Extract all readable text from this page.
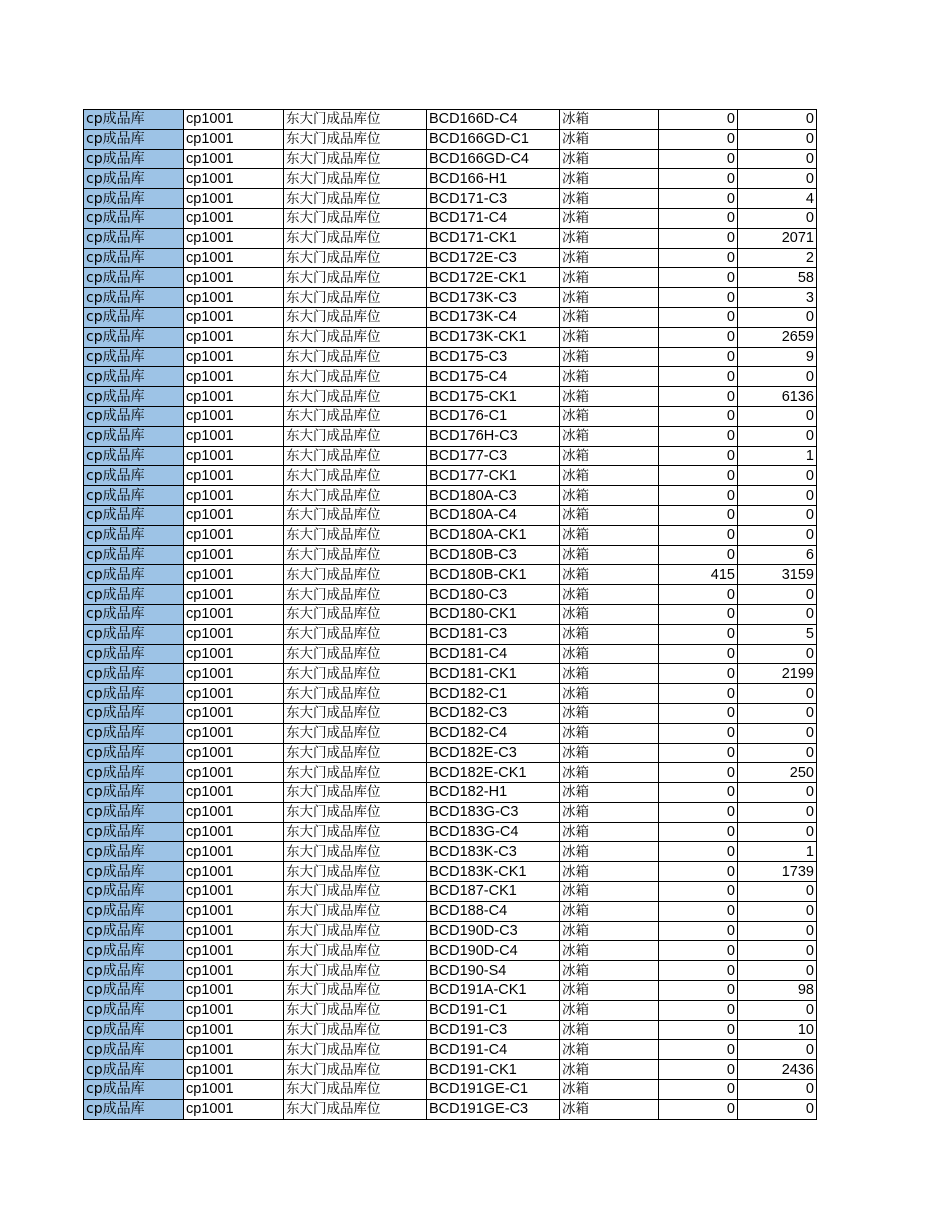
cp成品库	cp1001	东大门成品库位	BCD166D-C4	冰箱	0	0
cp成品库	cp1001	东大门成品库位	BCD166GD-C1	冰箱	0	0
cp成品库	cp1001	东大门成品库位	BCD166GD-C4	冰箱	0	0
cp成品库	cp1001	东大门成品库位	BCD166-H1	冰箱	0	0
cp成品库	cp1001	东大门成品库位	BCD171-C3	冰箱	0	4
cp成品库	cp1001	东大门成品库位	BCD171-C4	冰箱	0	0
cp成品库	cp1001	东大门成品库位	BCD171-CK1	冰箱	0	2071
cp成品库	cp1001	东大门成品库位	BCD172E-C3	冰箱	0	2
cp成品库	cp1001	东大门成品库位	BCD172E-CK1	冰箱	0	58
cp成品库	cp1001	东大门成品库位	BCD173K-C3	冰箱	0	3
cp成品库	cp1001	东大门成品库位	BCD173K-C4	冰箱	0	0
cp成品库	cp1001	东大门成品库位	BCD173K-CK1	冰箱	0	2659
cp成品库	cp1001	东大门成品库位	BCD175-C3	冰箱	0	9
cp成品库	cp1001	东大门成品库位	BCD175-C4	冰箱	0	0
cp成品库	cp1001	东大门成品库位	BCD175-CK1	冰箱	0	6136
cp成品库	cp1001	东大门成品库位	BCD176-C1	冰箱	0	0
cp成品库	cp1001	东大门成品库位	BCD176H-C3	冰箱	0	0
cp成品库	cp1001	东大门成品库位	BCD177-C3	冰箱	0	1
cp成品库	cp1001	东大门成品库位	BCD177-CK1	冰箱	0	0
cp成品库	cp1001	东大门成品库位	BCD180A-C3	冰箱	0	0
cp成品库	cp1001	东大门成品库位	BCD180A-C4	冰箱	0	0
cp成品库	cp1001	东大门成品库位	BCD180A-CK1	冰箱	0	0
cp成品库	cp1001	东大门成品库位	BCD180B-C3	冰箱	0	6
cp成品库	cp1001	东大门成品库位	BCD180B-CK1	冰箱	415	3159
cp成品库	cp1001	东大门成品库位	BCD180-C3	冰箱	0	0
cp成品库	cp1001	东大门成品库位	BCD180-CK1	冰箱	0	0
cp成品库	cp1001	东大门成品库位	BCD181-C3	冰箱	0	5
cp成品库	cp1001	东大门成品库位	BCD181-C4	冰箱	0	0
cp成品库	cp1001	东大门成品库位	BCD181-CK1	冰箱	0	2199
cp成品库	cp1001	东大门成品库位	BCD182-C1	冰箱	0	0
cp成品库	cp1001	东大门成品库位	BCD182-C3	冰箱	0	0
cp成品库	cp1001	东大门成品库位	BCD182-C4	冰箱	0	0
cp成品库	cp1001	东大门成品库位	BCD182E-C3	冰箱	0	0
cp成品库	cp1001	东大门成品库位	BCD182E-CK1	冰箱	0	250
cp成品库	cp1001	东大门成品库位	BCD182-H1	冰箱	0	0
cp成品库	cp1001	东大门成品库位	BCD183G-C3	冰箱	0	0
cp成品库	cp1001	东大门成品库位	BCD183G-C4	冰箱	0	0
cp成品库	cp1001	东大门成品库位	BCD183K-C3	冰箱	0	1
cp成品库	cp1001	东大门成品库位	BCD183K-CK1	冰箱	0	1739
cp成品库	cp1001	东大门成品库位	BCD187-CK1	冰箱	0	0
cp成品库	cp1001	东大门成品库位	BCD188-C4	冰箱	0	0
cp成品库	cp1001	东大门成品库位	BCD190D-C3	冰箱	0	0
cp成品库	cp1001	东大门成品库位	BCD190D-C4	冰箱	0	0
cp成品库	cp1001	东大门成品库位	BCD190-S4	冰箱	0	0
cp成品库	cp1001	东大门成品库位	BCD191A-CK1	冰箱	0	98
cp成品库	cp1001	东大门成品库位	BCD191-C1	冰箱	0	0
cp成品库	cp1001	东大门成品库位	BCD191-C3	冰箱	0	10
cp成品库	cp1001	东大门成品库位	BCD191-C4	冰箱	0	0
cp成品库	cp1001	东大门成品库位	BCD191-CK1	冰箱	0	2436
cp成品库	cp1001	东大门成品库位	BCD191GE-C1	冰箱	0	0
cp成品库	cp1001	东大门成品库位	BCD191GE-C3	冰箱	0	0
